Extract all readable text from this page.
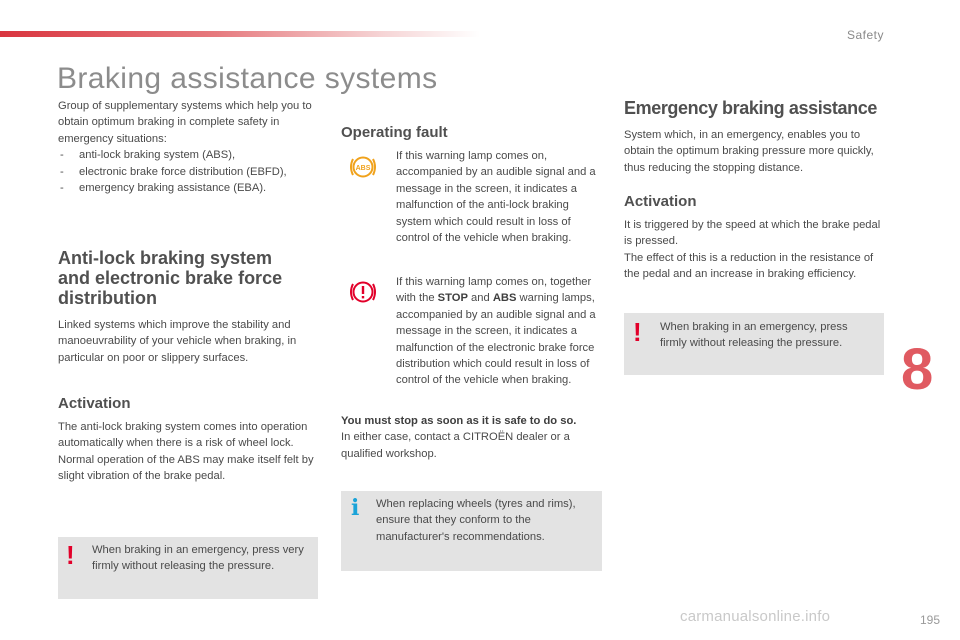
Safety
Braking assistance systems

Group of supplementary systems which help you to obtain optimum braking in complete safety in emergency situations:

- anti-lock braking system (ABS),
- electronic brake force distribution (EBFD),
- emergency braking assistance (EBA).
Anti-lock braking system
and electronic brake force
distribution

Linked systems which improve the stability and manoeuvrability of your vehicle when braking, in particular on poor or slippery surfaces.

Activation

The anti-lock braking system comes into operation automatically when there is a risk of wheel lock.

Normal operation of the ABS may make itself felt by slight vibration of the brake pedal.

! When braking in an emergency, press very firmly without releasing the pressure.

Operating fault
ABS

If this warning lamp comes on, accompanied by an audible signal and a message in the screen, it indicates a malfunction of the anti-lock braking system which could result in loss of control of the vehicle when braking.

If this warning lamp comes on, together with the STOP and ABS warning lamps, accompanied by an audible signal and a message in the screen, it indicates a malfunction of the electronic brake force distribution which could result in loss of control of the vehicle when braking.

You must stop as soon as it is safe to do so.

In either case, contact a CITROËN dealer or a qualified workshop.

i When replacing wheels (tyres and rims), ensure that they conform to the manufacturer's recommendations.

Emergency braking assistance

System which, in an emergency, enables you to obtain the optimum braking pressure more quickly, thus reducing the stopping distance.

Activation

It is triggered by the speed at which the brake pedal is pressed.

The effect of this is a reduction in the resistance of the pedal and an increase in braking efficiency.

! When braking in an emergency, press firmly without releasing the pressure.	8
carmanualsonline.info	195
